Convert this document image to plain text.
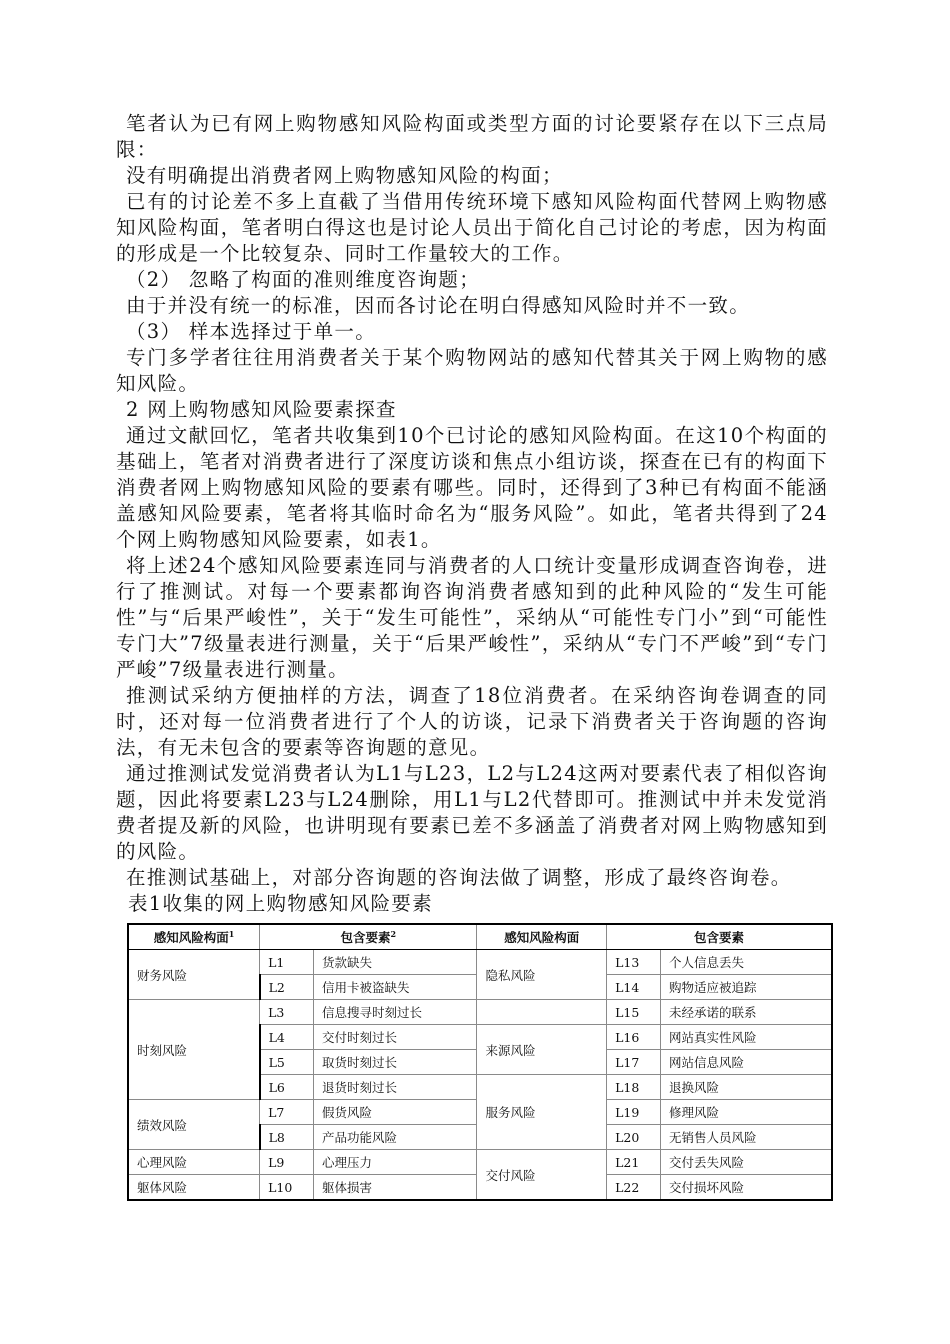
笔者认为已有网上购物感知风险构面或类型方面的讨论要紧存在以下三点局限：

没有明确提出消费者网上购物感知风险的构面；

已有的讨论差不多上直截了当借用传统环境下感知风险构面代替网上购物感知风险构面，笔者明白得这也是讨论人员出于简化自己讨论的考虑，因为构面的形成是一个比较复杂、同时工作量较大的工作。

（2） 忽略了构面的准则维度咨询题；

由于并没有统一的标准，因而各讨论在明白得感知风险时并不一致。

（3） 样本选择过于单一。

专门多学者往往用消费者关于某个购物网站的感知代替其关于网上购物的感知风险。

2 网上购物感知风险要素探查

通过文献回忆，笔者共收集到10个已讨论的感知风险构面。在这10个构面的基础上，笔者对消费者进行了深度访谈和焦点小组访谈，探查在已有的构面下消费者网上购物感知风险的要素有哪些。同时，还得到了3种已有构面不能涵盖感知风险要素，笔者将其临时命名为“服务风险”。如此，笔者共得到了24个网上购物感知风险要素，如表1。

将上述24个感知风险要素连同与消费者的人口统计变量形成调查咨询卷，进行了推测试。对每一个要素都询咨询消费者感知到的此种风险的“发生可能性”与“后果严峻性”，关于“发生可能性”，采纳从“可能性专门小”到“可能性专门大”7级量表进行测量，关于“后果严峻性”，采纳从“专门不严峻”到“专门严峻”7级量表进行测量。

推测试采纳方便抽样的方法，调查了18位消费者。在采纳咨询卷调查的同时，还对每一位消费者进行了个人的访谈，记录下消费者关于咨询题的咨询法，有无未包含的要素等咨询题的意见。

通过推测试发觉消费者认为L1与L23，L2与L24这两对要素代表了相似咨询题，因此将要素L23与L24删除，用L1与L2代替即可。推测试中并未发觉消费者提及新的风险，也讲明现有要素已差不多涵盖了消费者对网上购物感知到的风险。

在推测试基础上，对部分咨询题的咨询法做了调整，形成了最终咨询卷。

表1收集的网上购物感知风险要素

感知风险构面$^1$	包含要素$^2$		感知风险构面	包含要素	
财务风险	L1	货款缺失	隐私风险	L13	个人信息丢失
	L2	信用卡被盗缺失		L14	购物适应被追踪
时刻风险	L3	信息搜寻时刻过长		L15	未经承诺的联系
	L4	交付时刻过长	来源风险	L16	网站真实性风险
	L5	取货时刻过长		L17	网站信息风险
	L6	退货时刻过长	服务风险	L18	退换风险
绩效风险	L7	假货风险		L19	修理风险
	L8	产品功能风险		L20	无销售人员风险
心理风险	L9	心理压力	交付风险	L21	交付丢失风险
躯体风险	L10	躯体损害		L22	交付损坏风险
